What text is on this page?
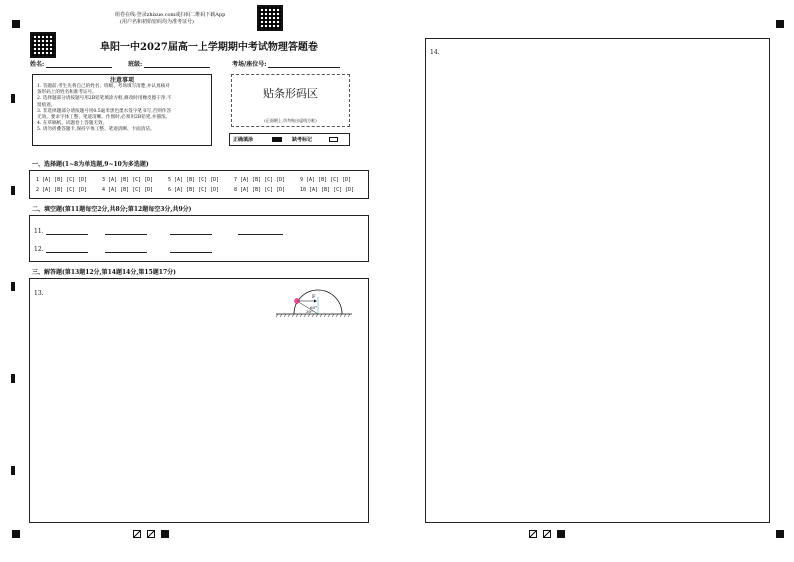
组卷在线:登录zhixue.com或扫码二维码下载App
(用户名和初始密码均为准考证号)
阜阳一中2027届高一上学期期中考试物理答题卷
姓名:	班级:	考场/座位号:
注意事项
1. 答题前,考生先将自己的姓名、班级、考场填写清楚,并认真核对
条形码上的姓名和准考证号。
2. 选择题部分请按题号用2B铅笔填涂方框,修改时用橡皮擦干净,不
留痕迹。
3. 非选择题部分请按题号用0.5毫米黑色墨水签字笔书写,否则作答
无效。要求字体工整、笔迹清晰。作图时,必须用2B铅笔,并描浓。
4. 在草稿纸、试题卷上答题无效。
5. 请勿折叠答题卡,保持字体工整、笔迹清晰、卡面清洁。
贴条形码区
(正面朝上,切勿贴出虚线方框)
正确填涂	缺考标记
一、选择题(1~8为单选题,9~10为多选题)
1 [A] [B] [C] [D]	3 [A] [B] [C] [D]	5 [A] [B] [C] [D]	7 [A] [B] [C] [D]	9 [A] [B] [C] [D]
2 [A] [B] [C] [D]	4 [A] [B] [C] [D]	6 [A] [B] [C] [D]	8 [A] [B] [C] [D]	10 [A] [B] [C] [D]
二、填空题(第11题每空2分,共8分;第12题每空3分,共9分)
11.
12.
三、解答题(第13题12分,第14题14分,第15题17分)
13.	F
60°
30°
14.
